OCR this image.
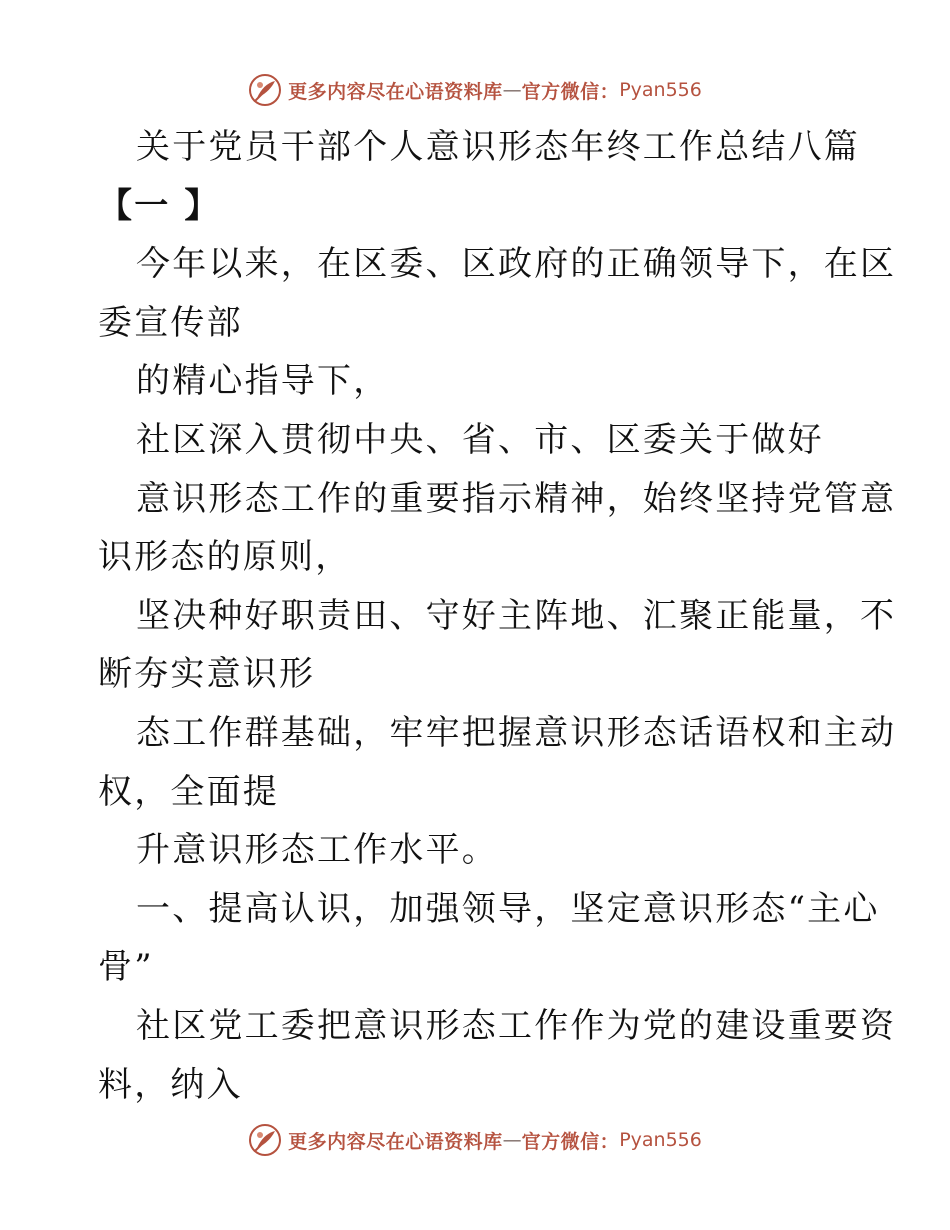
更多内容尽在心语资料库 — 官方微信： Pyan556
关于党员干部个人意识形态年终工作总结八篇
【一 】
今年以来，在区委、区政府的正确领导下，在区
委宣传部
的精心指导下，
社区深入贯彻中央、省、市、区委关于做好
意识形态工作的重要指示精神，始终坚持党管意
识形态的原则，
坚决种好职责田、守好主阵地、汇聚正能量，不
断夯实意识形
态工作群基础，牢牢把握意识形态话语权和主动
权，全面提
升意识形态工作水平。
一、提高认识，加强领导，坚定意识形态“主心
骨”
社区党工委把意识形态工作作为党的建设重要资
料，纳入
更多内容尽在心语资料库 — 官方微信： Pyan556
